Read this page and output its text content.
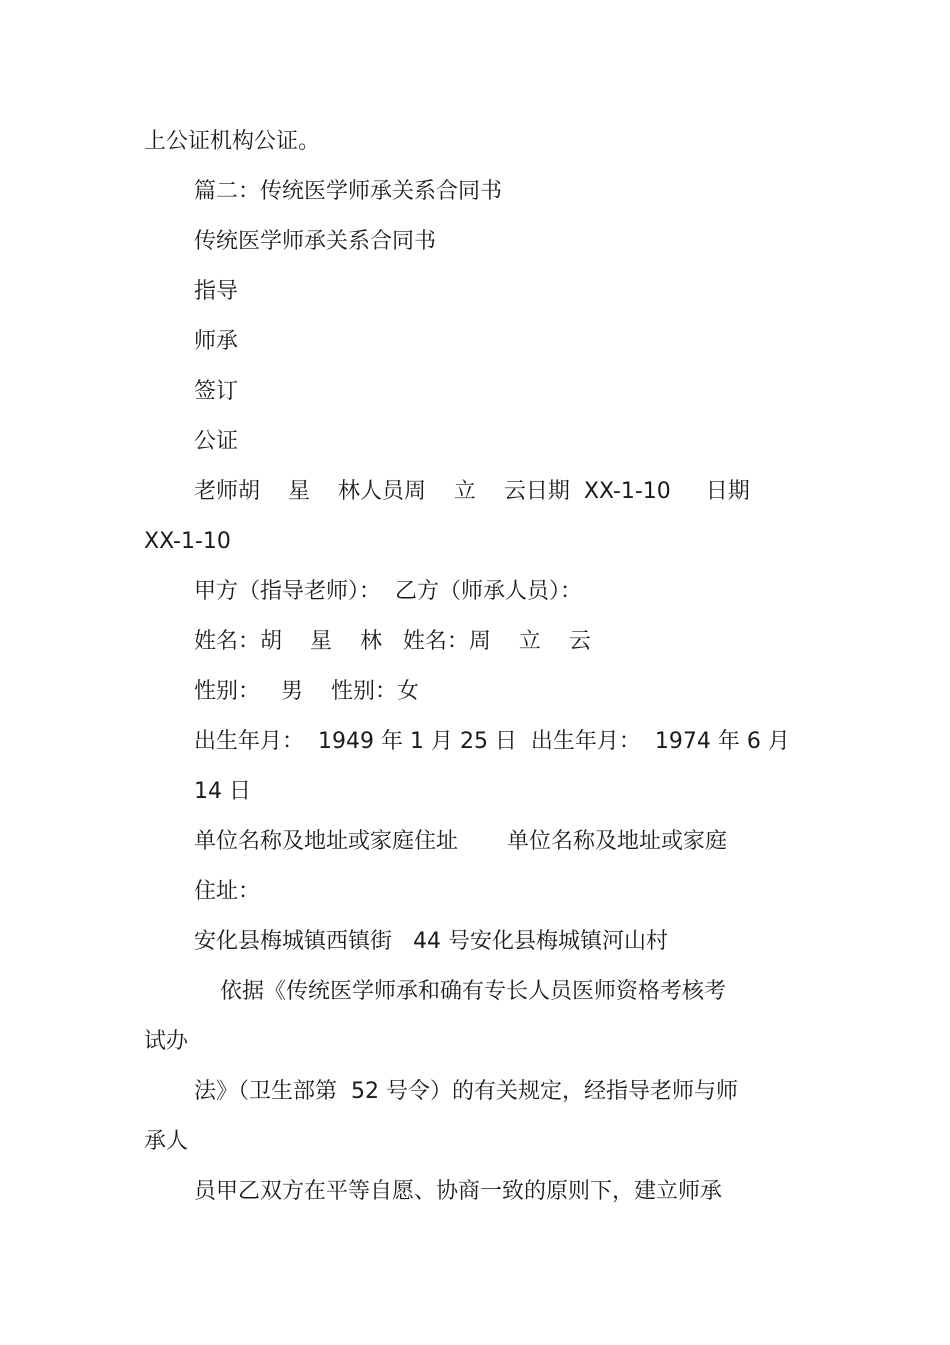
上公证机构公证。
篇二：传统医学师承关系合同书
传统医学师承关系合同书
指导
师承
签订
公证
老师胡    星    林人员周    立    云日期  XX-1-10     日期
XX-1-10
甲方（指导老师）：  乙方（师承人员）：
姓名：胡    星    林   姓名：周    立    云
性别：   男    性别：女
出生年月：  1949 年 1 月 25 日  出生年月：  1974 年 6 月
14 日
单位名称及地址或家庭住址       单位名称及地址或家庭
住址：
安化县梅城镇西镇街   44 号安化县梅城镇河山村
依据《传统医学师承和确有专长人员医师资格考核考
试办
法》（卫生部第  52 号令）的有关规定，经指导老师与师
承人
员甲乙双方在平等自愿、协商一致的原则下，建立师承
